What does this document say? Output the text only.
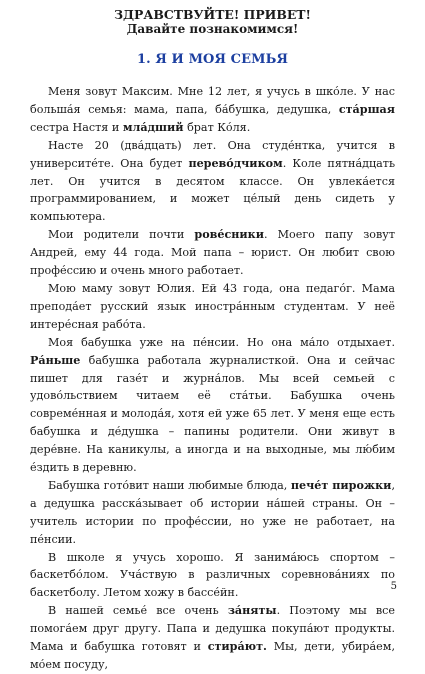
ЗДРАВСТВУЙТЕ! ПРИВЕТ!
Давайте познакомимся!
1. Я И МОЯ СЕМЬЯ

Меня зовут Максим. Мне 12 лет, я учусь в шко́ле. У нас больша́я семья: мама, папа, ба́бушка, дедушка, ста́ршая сестра Настя и мла́дший брат Ко́ля.

Насте 20 (два́дцать) лет. Она студе́нтка, учится в университе́те. Она будет перево́дчиком. Коле пятна́дцать лет. Он учится в десятом классе. Он увлека́ется программированием, и может це́лый день сидеть у компьютера.

Мои родители почти рове́сники. Моего папу зовут Андрей, ему 44 года. Мой папа – юрист. Он любит свою профе́ссию и очень много работает.

Мою маму зовут Юлия. Ей 43 года, она педаго́г. Мама препода́ет русский язык иностра́нным студентам. У неё интере́сная рабо́та.

Моя бабушка уже на пе́нсии. Но она ма́ло отдыхает. Ра́ньше бабушка работала журналисткой. Она и сейчас пишет для газе́т и журна́лов. Мы всей семьей с удово́льствием читаем её ста́тьи. Бабушка очень совреме́нная и молода́я, хотя ей уже 65 лет. У меня еще есть бабушка и де́душка – папины родители. Они живут в дере́вне. На каникулы, а иногда и на выходные, мы лю́бим е́здить в деревню.

Бабушка гото́вит наши любимые блюда, пече́т пирожки, а дедушка расска́зывает об истории на́шей страны. Он – учитель истории по профе́ссии, но уже не работает, на пе́нсии.

В школе я учусь хорошо. Я занима́юсь спортом – баскетбо́лом. Уча́ствую в различных соревнова́ниях по баскетболу. Летом хожу в бассе́йн.

В нашей семье́ все очень за́няты. Поэтому мы все помога́ем друг другу. Папа и дедушка покупа́ют продукты. Мама и бабушка готовят и стира́ют. Мы, дети, убира́ем, мо́ем посуду,

5
